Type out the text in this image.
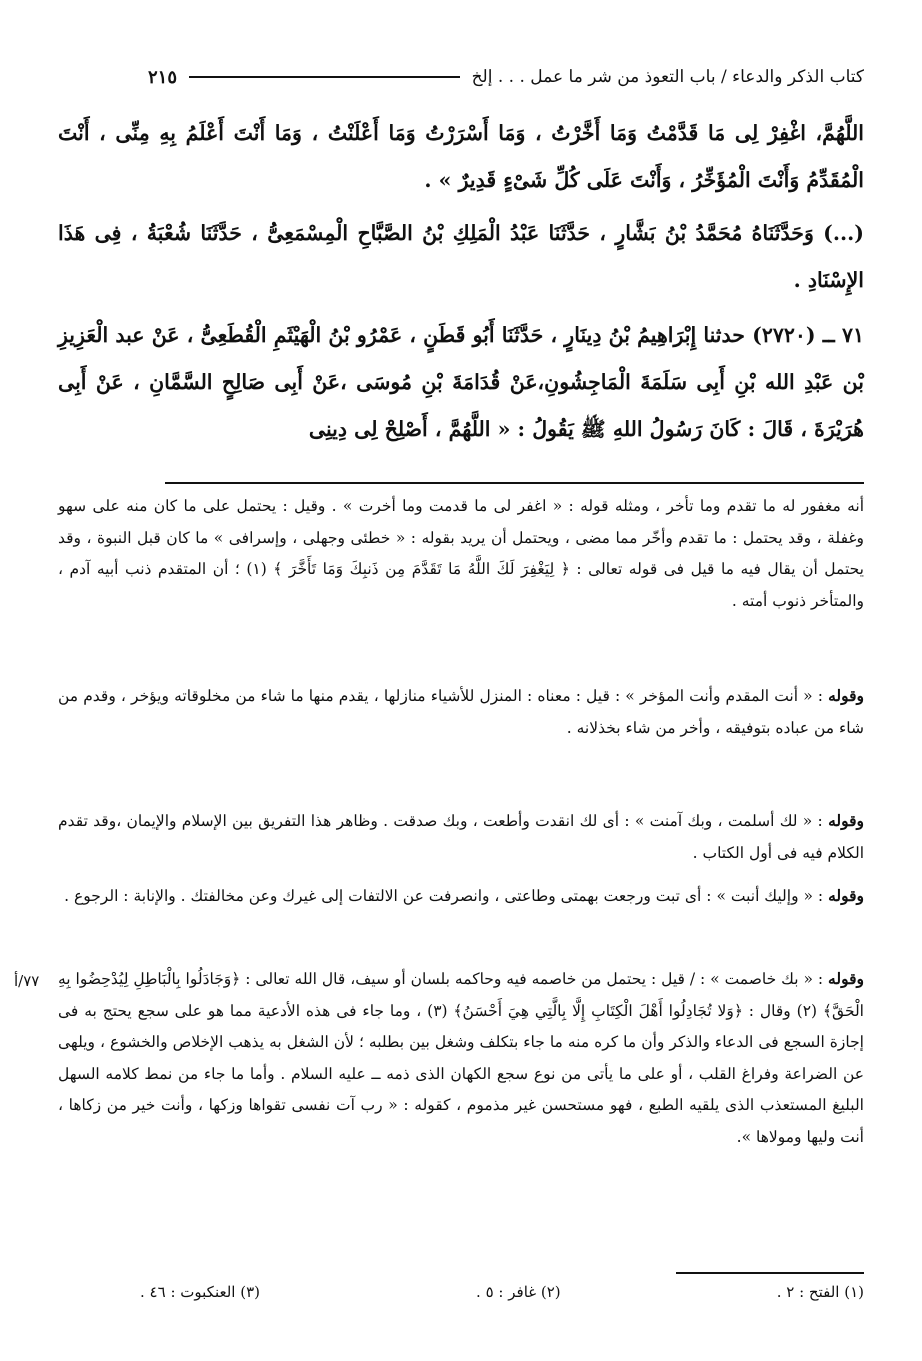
كتاب الذكر والدعاء / باب التعوذ من شر ما عمل . . . إلخ
٢١٥
اللَّهُمَّ، اغْفِرْ لِى مَا قَدَّمْتُ وَمَا أَخَّرْتُ ، وَمَا أَسْرَرْتُ وَمَا أَعْلَنْتُ ، وَمَا أَنْتَ أَعْلَمُ بِهِ مِنِّى ، أَنْتَ الْمُقَدِّمُ وَأَنْتَ الْمُؤَخِّرُ ، وَأَنْتَ عَلَى كُلِّ شَىْءٍ قَدِيرٌ » .
(...) وَحَدَّثَنَاهُ مُحَمَّدُ بْنُ بَشَّارٍ ، حَدَّثَنَا عَبْدُ الْمَلِكِ بْنُ الصَّبَّاحِ الْمِسْمَعِىُّ ، حَدَّثَنَا شُعْبَةُ ، فِى هَذَا الإِسْنَادِ .
٧١ ــ (٢٧٢٠) حدثنا إِبْرَاهِيمُ بْنُ دِينَارٍ ، حَدَّثَنَا أَبُو قَطَنٍ ، عَمْرُو بْنُ الْهَيْثَمِ الْقُطَعِىُّ ، عَنْ عبد الْعَزِيزِ بْن عَبْدِ الله بْنِ أَبِى سَلَمَةَ الْمَاجِشُونِ،عَنْ قُدَامَةَ بْنِ مُوسَى ،عَنْ أَبِى صَالِحٍ السَّمَّانِ ، عَنْ أَبِى هُرَيْرَةَ ، قَالَ : كَانَ رَسُولُ اللهِ ﷺ يَقُولُ : « اللَّهُمَّ ، أَصْلِحْ لِى دِينِى
أنه مغفور له ما تقدم وما تأخر ، ومثله قوله : « اغفر لى ما قدمت وما أخرت » . وقيل : يحتمل على ما كان منه على سهو وغفلة ، وقد يحتمل : ما تقدم وأخّر مما مضى ، ويحتمل أن يريد بقوله : « خطئى وجهلى ، وإسرافى » ما كان قبل النبوة ، وقد يحتمل أن يقال فيه ما قيل فى قوله تعالى : ﴿ لِيَغْفِرَ لَكَ اللَّهُ مَا تَقَدَّمَ مِن ذَنبِكَ وَمَا تَأَخَّرَ ﴾ (١) ؛ أن المتقدم ذنب أبيه آدم ، والمتأخر ذنوب أمته .
وقوله : « أنت المقدم وأنت المؤخر » : قيل : معناه : المنزل للأشياء منازلها ، يقدم منها ما شاء من مخلوقاته ويؤخر ، وقدم من شاء من عباده بتوفيقه ، وأخر من شاء بخذلانه .
وقوله : « لك أسلمت ، وبك آمنت » : أى لك انقدت وأطعت ، وبك صدقت . وظاهر هذا التفريق بين الإسلام والإيمان ،وقد تقدم الكلام فيه فى أول الكتاب .
وقوله : « وإليك أنبت » : أى تبت ورجعت بهمتى وطاعتى ، وانصرفت عن الالتفات إلى غيرك وعن مخالفتك . والإنابة : الرجوع .
وقوله : « بك خاصمت » : / قيل : يحتمل من خاصمه فيه وحاكمه بلسان أو سيف، قال الله تعالى : ﴿وَجَادَلُوا بِالْبَاطِلِ لِيُدْحِضُوا بِهِ الْحَقَّ﴾ (٢) وقال : ﴿وَلا تُجَادِلُوا أَهْلَ الْكِتَابِ إِلَّا بِالَّتِي هِيَ أَحْسَنُ﴾ (٣) ، وما جاء فى هذه الأدعية مما هو على سجع يحتج به فى إجازة السجع فى الدعاء والذكر وأن ما كره منه ما جاء بتكلف وشغل بين بطلبه ؛ لأن الشغل به يذهب الإخلاص والخشوع ، ويلهى عن الضراعة وفراغ القلب ، أو على ما يأتى من نوع سجع الكهان الذى ذمه ــ عليه السلام . وأما ما جاء من نمط كلامه السهل البليغ المستعذب الذى يلقيه الطبع ، فهو مستحسن غير مذموم ، كقوله : « رب آت نفسى تقواها وزكها ، وأنت خير من زكاها ، أنت وليها ومولاها ».
٧٧/أ
(١) الفتح : ٢ .
(٢) غافر : ٥ .
(٣) العنكبوت : ٤٦ .
